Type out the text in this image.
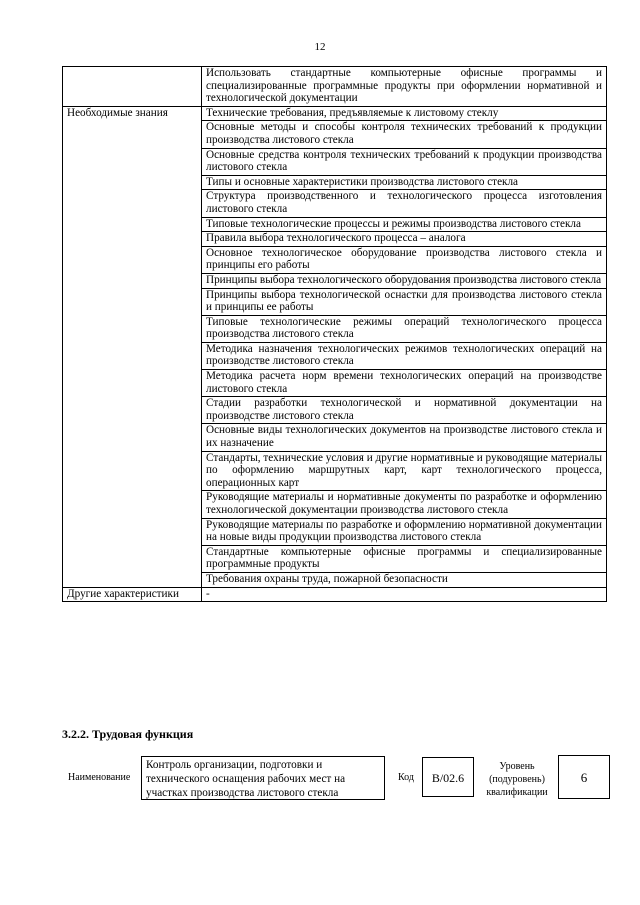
12
	Использовать стандартные компьютерные офисные программы и специализированные программные продукты при оформлении нормативной и технологической документации
Необходимые знания	Технические требования, предъявляемые к листовому стеклу
	Основные методы и способы контроля технических требований к продукции производства листового стекла
	Основные средства контроля технических требований к продукции производства листового стекла
	Типы и основные характеристики производства листового стекла
	Структура производственного и технологического процесса изготовления листового стекла
	Типовые технологические процессы и режимы производства листового стекла
	Правила выбора технологического процесса – аналога
	Основное технологическое оборудование производства листового стекла и принципы его работы
	Принципы выбора технологического оборудования производства листового стекла
	Принципы выбора технологической оснастки для производства листового стекла и принципы ее работы
	Типовые технологические режимы операций технологического процесса производства листового стекла
	Методика назначения технологических режимов технологических операций на производстве листового стекла
	Методика расчета норм времени технологических операций на производстве листового стекла
	Стадии разработки технологической и нормативной документации на производстве листового стекла
	Основные виды технологических документов на производстве листового стекла и их назначение
	Стандарты, технические условия и другие нормативные и руководящие материалы по оформлению маршрутных карт, карт технологического процесса, операционных карт
	Руководящие материалы и нормативные документы по разработке и оформлению технологической документации производства листового стекла
	Руководящие материалы по разработке и оформлению нормативной документации на новые виды продукции производства листового стекла
	Стандартные компьютерные офисные программы и специализированные программные продукты
	Требования охраны труда, пожарной безопасности
Другие характеристики	-
3.2.2. Трудовая функция
Наименование
Контроль организации, подготовки и технического оснащения рабочих мест на участках производства листового стекла
Код	B/02.6
Уровень (подуровень) квалификации
6
